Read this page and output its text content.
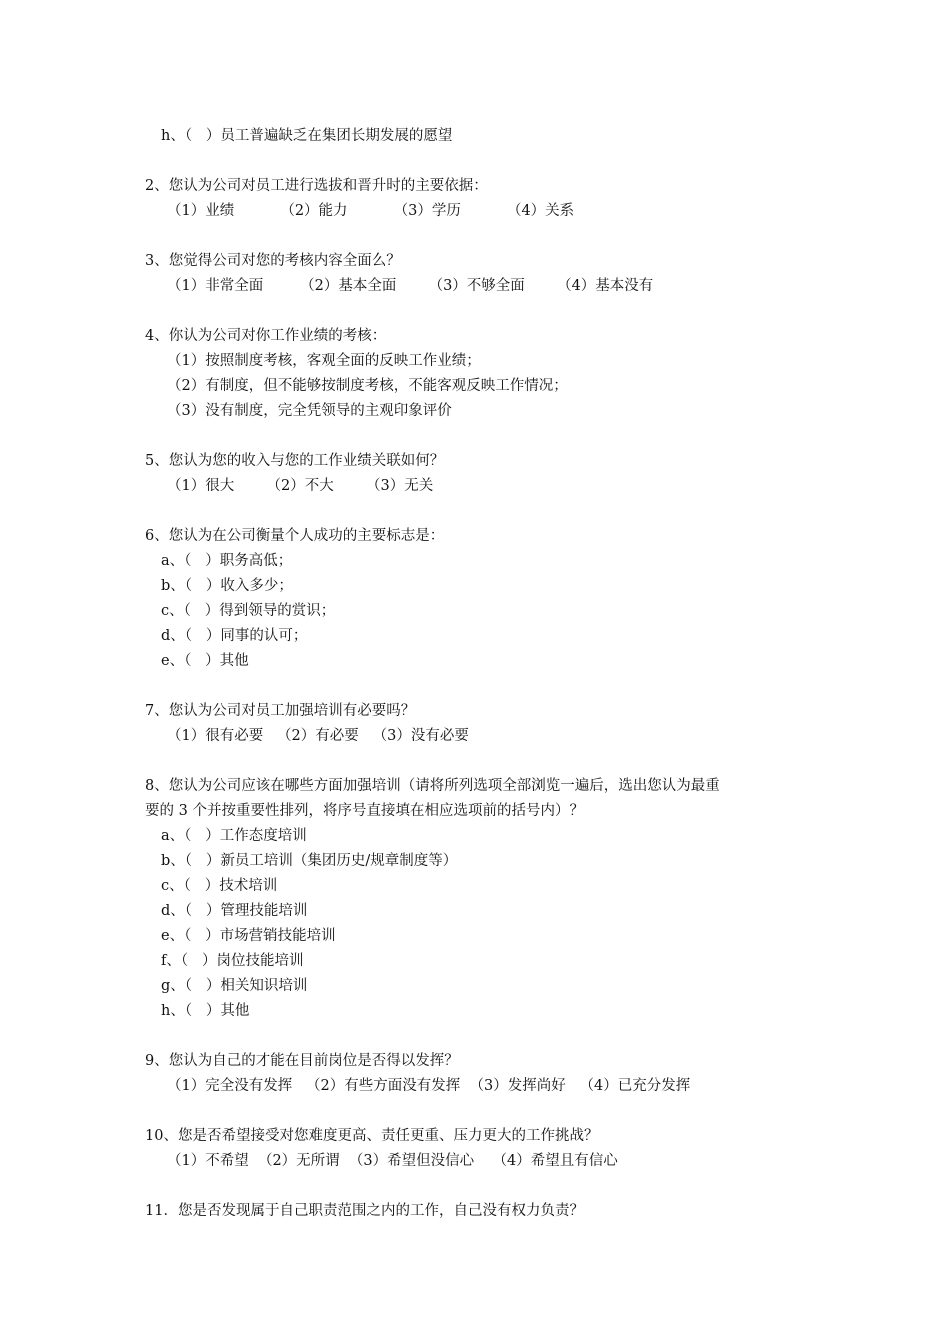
h、（   ）员工普遍缺乏在集团长期发展的愿望
2、您认为公司对员工进行选拔和晋升时的主要依据：
（1）业绩          （2）能力          （3）学历          （4）关系
3、您觉得公司对您的考核内容全面么？
（1）非常全面        （2）基本全面       （3）不够全面       （4）基本没有
4、你认为公司对你工作业绩的考核：
（1）按照制度考核，客观全面的反映工作业绩；
（2）有制度，但不能够按制度考核，不能客观反映工作情况；
（3）没有制度，完全凭领导的主观印象评价
5、您认为您的收入与您的工作业绩关联如何？
（1）很大       （2）不大       （3）无关
6、您认为在公司衡量个人成功的主要标志是：
a、（   ）职务高低；
b、（   ）收入多少；
c、（   ）得到领导的赏识；
d、（   ）同事的认可；
e、（   ）其他
7、您认为公司对员工加强培训有必要吗？
（1）很有必要   （2）有必要   （3）没有必要
8、您认为公司应该在哪些方面加强培训（请将所列选项全部浏览一遍后，选出您认为最重
要的 3 个并按重要性排列，将序号直接填在相应选项前的括号内）？
a、（   ）工作态度培训
b、（   ）新员工培训（集团历史/规章制度等）
c、（   ）技术培训
d、（   ）管理技能培训
e、（   ）市场营销技能培训
f、（   ）岗位技能培训
g、（   ）相关知识培训
h、（   ）其他
9、您认为自己的才能在目前岗位是否得以发挥？
（1）完全没有发挥   （2）有些方面没有发挥  （3）发挥尚好   （4）已充分发挥
10、您是否希望接受对您难度更高、责任更重、压力更大的工作挑战？
（1）不希望  （2）无所谓  （3）希望但没信心    （4）希望且有信心
11．您是否发现属于自己职责范围之内的工作，自己没有权力负责？
